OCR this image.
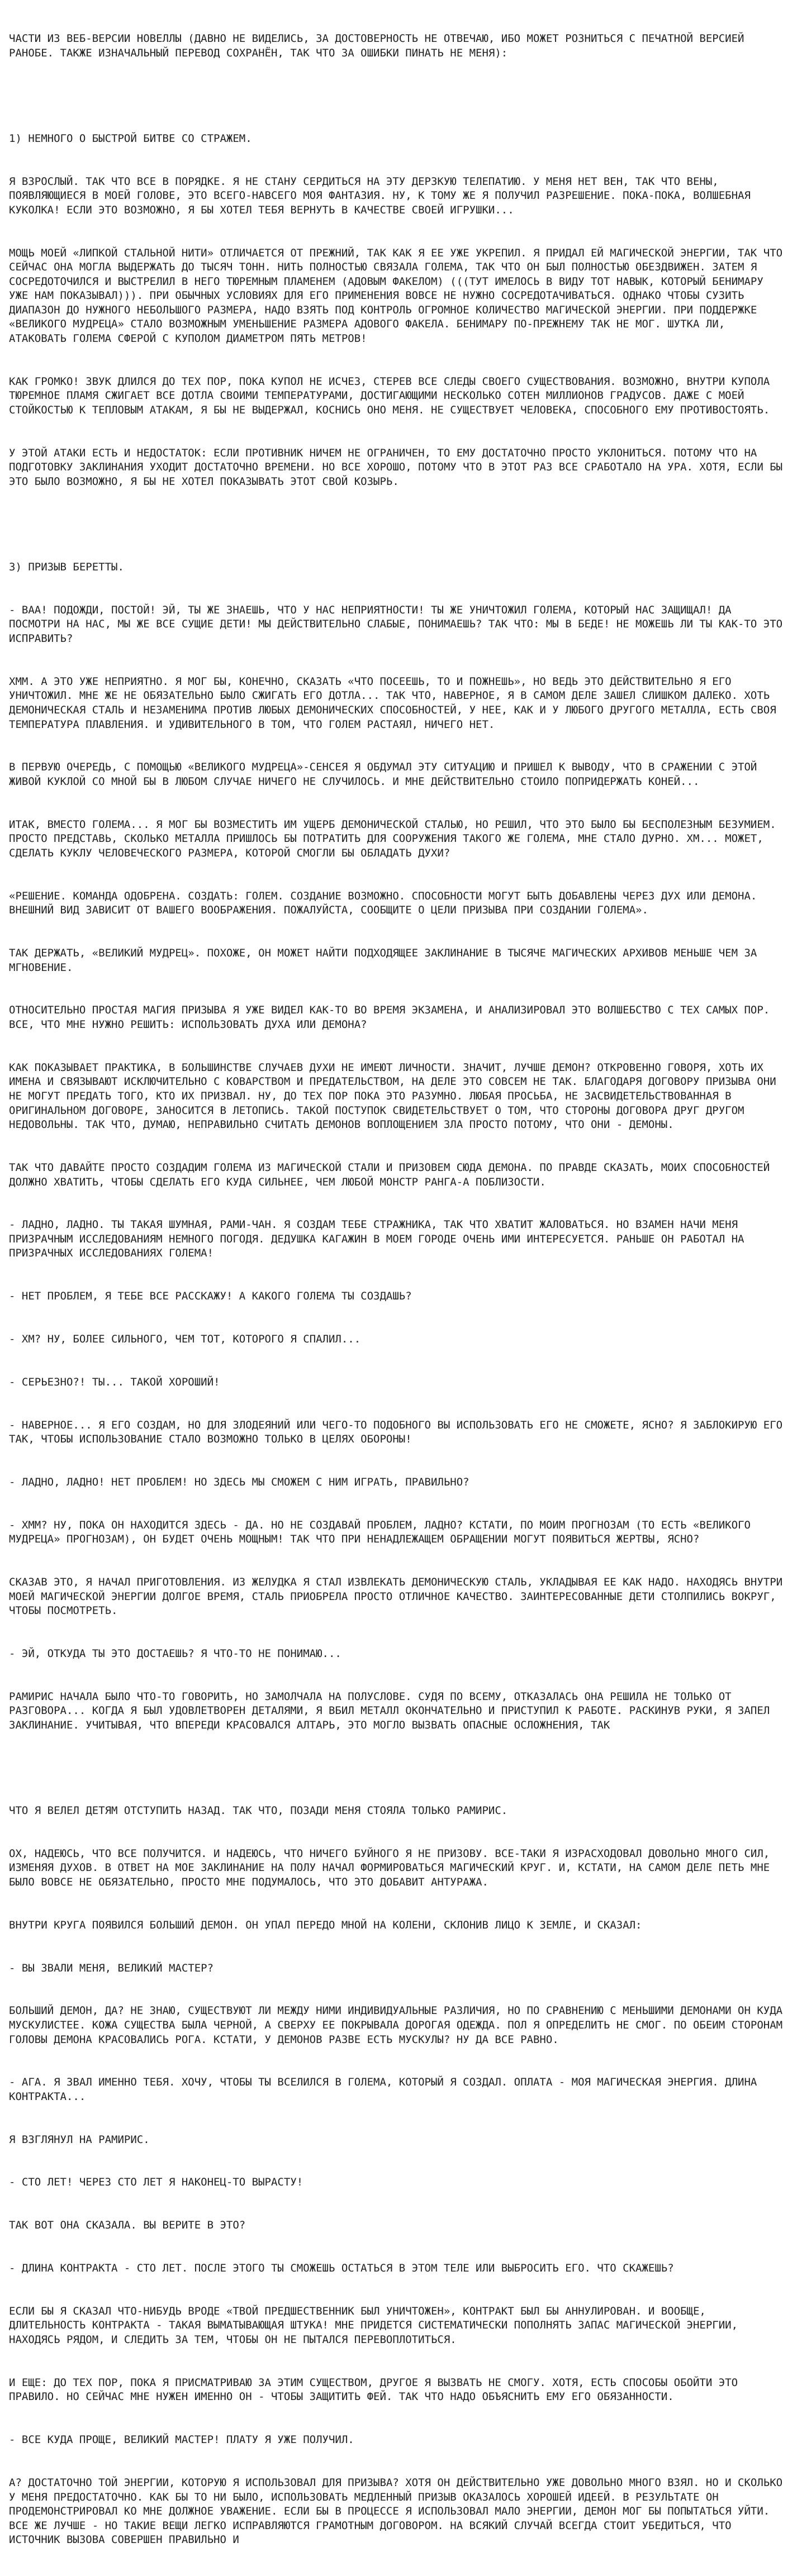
ЧАСТИ ИЗ ВЕБ-ВЕРСИИ НОВЕЛЛЫ (ДАВНО НЕ ВИДЕЛИСЬ, ЗА ДОСТОВЕРНОСТЬ НЕ ОТВЕЧАЮ, ИБО МОЖЕТ РОЗНИТЬСЯ С ПЕЧАТНОЙ ВЕРСИЕЙ РАНОБЕ. ТАКЖЕ ИЗНАЧАЛЬНЫЙ ПЕРЕВОД СОХРАНЁН, ТАК ЧТО ЗА ОШИБКИ ПИНАТЬ НЕ МЕНЯ):

1) НЕМНОГО О БЫСТРОЙ БИТВЕ СО СТРАЖЕМ.

Я ВЗРОСЛЫЙ. ТАК ЧТО ВСЕ В ПОРЯДКЕ. Я НЕ СТАНУ СЕРДИТЬСЯ НА ЭТУ ДЕРЗКУЮ ТЕЛЕПАТИЮ. У МЕНЯ НЕТ ВЕН, ТАК ЧТО ВЕНЫ, ПОЯВЛЯЮЩИЕСЯ В МОЕЙ ГОЛОВЕ, ЭТО ВСЕГО-НАВСЕГО МОЯ ФАНТАЗИЯ. НУ, К ТОМУ ЖЕ Я ПОЛУЧИЛ РАЗРЕШЕНИЕ. ПОКА-ПОКА, ВОЛШЕБНАЯ КУКОЛКА! ЕСЛИ ЭТО ВОЗМОЖНО, Я БЫ ХОТЕЛ ТЕБЯ ВЕРНУТЬ В КАЧЕСТВЕ СВОЕЙ ИГРУШКИ...

МОЩЬ МОЕЙ «ЛИПКОЙ СТАЛЬНОЙ НИТИ» ОТЛИЧАЕТСЯ ОТ ПРЕЖНИЙ, ТАК КАК Я ЕЕ УЖЕ УКРЕПИЛ. Я ПРИДАЛ ЕЙ МАГИЧЕСКОЙ ЭНЕРГИИ, ТАК ЧТО СЕЙЧАС ОНА МОГЛА ВЫДЕРЖАТЬ ДО ТЫСЯЧ ТОНН. НИТЬ ПОЛНОСТЬЮ СВЯЗАЛА ГОЛЕМА, ТАК ЧТО ОН БЫЛ ПОЛНОСТЬЮ ОБЕЗДВИЖЕН. ЗАТЕМ Я СОСРЕДОТОЧИЛСЯ И ВЫСТРЕЛИЛ В НЕГО ТЮРЕМНЫМ ПЛАМЕНЕМ (АДОВЫМ ФАКЕЛОМ) (((ТУТ ИМЕЛОСЬ В ВИДУ ТОТ НАВЫК, КОТОРЫЙ БЕНИМАРУ УЖЕ НАМ ПОКАЗЫВАЛ))). ПРИ ОБЫЧНЫХ УСЛОВИЯХ ДЛЯ ЕГО ПРИМЕНЕНИЯ ВОВСЕ НЕ НУЖНО СОСРЕДОТАЧИВАТЬСЯ. ОДНАКО ЧТОБЫ СУЗИТЬ ДИАПАЗОН ДО НУЖНОГО НЕБОЛЬШОГО РАЗМЕРА, НАДО ВЗЯТЬ ПОД КОНТРОЛЬ ОГРОМНОЕ КОЛИЧЕСТВО МАГИЧЕСКОЙ ЭНЕРГИИ. ПРИ ПОДДЕРЖКЕ «ВЕЛИКОГО МУДРЕЦА» СТАЛО ВОЗМОЖНЫМ УМЕНЬШЕНИЕ РАЗМЕРА АДОВОГО ФАКЕЛА. БЕНИМАРУ ПО-ПРЕЖНЕМУ ТАК НЕ МОГ. ШУТКА ЛИ, АТАКОВАТЬ ГОЛЕМА СФЕРОЙ С КУПОЛОМ ДИАМЕТРОМ ПЯТЬ МЕТРОВ!

КАК ГРОМКО! ЗВУК ДЛИЛСЯ ДО ТЕХ ПОР, ПОКА КУПОЛ НЕ ИСЧЕЗ, СТЕРЕВ ВСЕ СЛЕДЫ СВОЕГО СУЩЕСТВОВАНИЯ. ВОЗМОЖНО, ВНУТРИ КУПОЛА ТЮРЕМНОЕ ПЛАМЯ СЖИГАЕТ ВСЕ ДОТЛА СВОИМИ ТЕМПЕРАТУРАМИ, ДОСТИГАЮЩИМИ НЕСКОЛЬКО СОТЕН МИЛЛИОНОВ ГРАДУСОВ. ДАЖЕ С МОЕЙ СТОЙКОСТЬЮ К ТЕПЛОВЫМ АТАКАМ, Я БЫ НЕ ВЫДЕРЖАЛ, КОСНИСЬ ОНО МЕНЯ. НЕ СУЩЕСТВУЕТ ЧЕЛОВЕКА, СПОСОБНОГО ЕМУ ПРОТИВОСТОЯТЬ.

У ЭТОЙ АТАКИ ЕСТЬ И НЕДОСТАТОК: ЕСЛИ ПРОТИВНИК НИЧЕМ НЕ ОГРАНИЧЕН, ТО ЕМУ ДОСТАТОЧНО ПРОСТО УКЛОНИТЬСЯ. ПОТОМУ ЧТО НА ПОДГОТОВКУ ЗАКЛИНАНИЯ УХОДИТ ДОСТАТОЧНО ВРЕМЕНИ. НО ВСЕ ХОРОШО, ПОТОМУ ЧТО В ЭТОТ РАЗ ВСЕ СРАБОТАЛО НА УРА. ХОТЯ, ЕСЛИ БЫ ЭТО БЫЛО ВОЗМОЖНО, Я БЫ НЕ ХОТЕЛ ПОКАЗЫВАТЬ ЭТОТ СВОЙ КОЗЫРЬ.

3) ПРИЗЫВ БЕРЕТТЫ.

- ВАА! ПОДОЖДИ, ПОСТОЙ! ЭЙ, ТЫ ЖЕ ЗНАЕШЬ, ЧТО У НАС НЕПРИЯТНОСТИ! ТЫ ЖЕ УНИЧТОЖИЛ ГОЛЕМА, КОТОРЫЙ НАС ЗАЩИЩАЛ! ДА ПОСМОТРИ НА НАС, МЫ ЖЕ ВСЕ СУЩИЕ ДЕТИ! МЫ ДЕЙСТВИТЕЛЬНО СЛАБЫЕ, ПОНИМАЕШЬ? ТАК ЧТО: МЫ В БЕДЕ! НЕ МОЖЕШЬ ЛИ ТЫ КАК-ТО ЭТО ИСПРАВИТЬ?

ХММ. А ЭТО УЖЕ НЕПРИЯТНО. Я МОГ БЫ, КОНЕЧНО, СКАЗАТЬ «ЧТО ПОСЕЕШЬ, ТО И ПОЖНЕШЬ», НО ВЕДЬ ЭТО ДЕЙСТВИТЕЛЬНО Я ЕГО УНИЧТОЖИЛ. МНЕ ЖЕ НЕ ОБЯЗАТЕЛЬНО БЫЛО СЖИГАТЬ ЕГО ДОТЛА... ТАК ЧТО, НАВЕРНОЕ, Я В САМОМ ДЕЛЕ ЗАШЕЛ СЛИШКОМ ДАЛЕКО. ХОТЬ ДЕМОНИЧЕСКАЯ СТАЛЬ И НЕЗАМЕНИМА ПРОТИВ ЛЮБЫХ ДЕМОНИЧЕСКИХ СПОСОБНОСТЕЙ, У НЕЕ, КАК И У ЛЮБОГО ДРУГОГО МЕТАЛЛА, ЕСТЬ СВОЯ ТЕМПЕРАТУРА ПЛАВЛЕНИЯ. И УДИВИТЕЛЬНОГО В ТОМ, ЧТО ГОЛЕМ РАСТАЯЛ, НИЧЕГО НЕТ.

В ПЕРВУЮ ОЧЕРЕДЬ, С ПОМОЩЬЮ «ВЕЛИКОГО МУДРЕЦА»-СЕНСЕЯ Я ОБДУМАЛ ЭТУ СИТУАЦИЮ И ПРИШЕЛ К ВЫВОДУ, ЧТО В СРАЖЕНИИ С ЭТОЙ ЖИВОЙ КУКЛОЙ СО МНОЙ БЫ В ЛЮБОМ СЛУЧАЕ НИЧЕГО НЕ СЛУЧИЛОСЬ. И МНЕ ДЕЙСТВИТЕЛЬНО СТОИЛО ПОПРИДЕРЖАТЬ КОНЕЙ...

ИТАК, ВМЕСТО ГОЛЕМА... Я МОГ БЫ ВОЗМЕСТИТЬ ИМ УЩЕРБ ДЕМОНИЧЕСКОЙ СТАЛЬЮ, НО РЕШИЛ, ЧТО ЭТО БЫЛО БЫ БЕСПОЛЕЗНЫМ БЕЗУМИЕМ. ПРОСТО ПРЕДСТАВЬ, СКОЛЬКО МЕТАЛЛА ПРИШЛОСЬ БЫ ПОТРАТИТЬ ДЛЯ СООРУЖЕНИЯ ТАКОГО ЖЕ ГОЛЕМА, МНЕ СТАЛО ДУРНО. ХМ... МОЖЕТ, СДЕЛАТЬ КУКЛУ ЧЕЛОВЕЧЕСКОГО РАЗМЕРА, КОТОРОЙ СМОГЛИ БЫ ОБЛАДАТЬ ДУХИ?

«РЕШЕНИЕ. КОМАНДА ОДОБРЕНА. СОЗДАТЬ: ГОЛЕМ. СОЗДАНИЕ ВОЗМОЖНО. СПОСОБНОСТИ МОГУТ БЫТЬ ДОБАВЛЕНЫ ЧЕРЕЗ ДУХ ИЛИ ДЕМОНА. ВНЕШНИЙ ВИД ЗАВИСИТ ОТ ВАШЕГО ВООБРАЖЕНИЯ. ПОЖАЛУЙСТА, СООБЩИТЕ О ЦЕЛИ ПРИЗЫВА ПРИ СОЗДАНИИ ГОЛЕМА».

ТАК ДЕРЖАТЬ, «ВЕЛИКИЙ МУДРЕЦ». ПОХОЖЕ, ОН МОЖЕТ НАЙТИ ПОДХОДЯЩЕЕ ЗАКЛИНАНИЕ В ТЫСЯЧЕ МАГИЧЕСКИХ АРХИВОВ МЕНЬШЕ ЧЕМ ЗА МГНОВЕНИЕ.

ОТНОСИТЕЛЬНО ПРОСТАЯ МАГИЯ ПРИЗЫВА Я УЖЕ ВИДЕЛ КАК-ТО ВО ВРЕМЯ ЭКЗАМЕНА, И АНАЛИЗИРОВАЛ ЭТО ВОЛШЕБСТВО С ТЕХ САМЫХ ПОР. ВСЕ, ЧТО МНЕ НУЖНО РЕШИТЬ: ИСПОЛЬЗОВАТЬ ДУХА ИЛИ ДЕМОНА?

КАК ПОКАЗЫВАЕТ ПРАКТИКА, В БОЛЬШИНСТВЕ СЛУЧАЕВ ДУХИ НЕ ИМЕЮТ ЛИЧНОСТИ. ЗНАЧИТ, ЛУЧШЕ ДЕМОН? ОТКРОВЕННО ГОВОРЯ, ХОТЬ ИХ ИМЕНА И СВЯЗЫВАЮТ ИСКЛЮЧИТЕЛЬНО С КОВАРСТВОМ И ПРЕДАТЕЛЬСТВОМ, НА ДЕЛЕ ЭТО СОВСЕМ НЕ ТАК. БЛАГОДАРЯ ДОГОВОРУ ПРИЗЫВА ОНИ НЕ МОГУТ ПРЕДАТЬ ТОГО, КТО ИХ ПРИЗВАЛ. НУ, ДО ТЕХ ПОР ПОКА ЭТО РАЗУМНО. ЛЮБАЯ ПРОСЬБА, НЕ ЗАСВИДЕТЕЛЬСТВОВАННАЯ В ОРИГИНАЛЬНОМ ДОГОВОРЕ, ЗАНОСИТСЯ В ЛЕТОПИСЬ. ТАКОЙ ПОСТУПОК СВИДЕТЕЛЬСТВУЕТ О ТОМ, ЧТО СТОРОНЫ ДОГОВОРА ДРУГ ДРУГОМ НЕДОВОЛЬНЫ. ТАК ЧТО, ДУМАЮ, НЕПРАВИЛЬНО СЧИТАТЬ ДЕМОНОВ ВОПЛОЩЕНИЕМ ЗЛА ПРОСТО ПОТОМУ, ЧТО ОНИ - ДЕМОНЫ.

ТАК ЧТО ДАВАЙТЕ ПРОСТО СОЗДАДИМ ГОЛЕМА ИЗ МАГИЧЕСКОЙ СТАЛИ И ПРИЗОВЕМ СЮДА ДЕМОНА. ПО ПРАВДЕ СКАЗАТЬ, МОИХ СПОСОБНОСТЕЙ ДОЛЖНО ХВАТИТЬ, ЧТОБЫ СДЕЛАТЬ ЕГО КУДА СИЛЬНЕЕ, ЧЕМ ЛЮБОЙ МОНСТР РАНГА-А ПОБЛИЗОСТИ.

- ЛАДНО, ЛАДНО. ТЫ ТАКАЯ ШУМНАЯ, РАМИ-ЧАН. Я СОЗДАМ ТЕБЕ СТРАЖНИКА, ТАК ЧТО ХВАТИТ ЖАЛОВАТЬСЯ. НО ВЗАМЕН НАЧИ МЕНЯ ПРИЗРАЧНЫМ ИССЛЕДОВАНИЯМ НЕМНОГО ПОГОДЯ. ДЕДУШКА КАГАЖИН В МОЕМ ГОРОДЕ ОЧЕНЬ ИМИ ИНТЕРЕСУЕТСЯ. РАНЬШЕ ОН РАБОТАЛ НА ПРИЗРАЧНЫХ ИССЛЕДОВАНИЯХ ГОЛЕМА!

- НЕТ ПРОБЛЕМ, Я ТЕБЕ ВСЕ РАССКАЖУ! А КАКОГО ГОЛЕМА ТЫ СОЗДАШЬ?

- ХМ? НУ, БОЛЕЕ СИЛЬНОГО, ЧЕМ ТОТ, КОТОРОГО Я СПАЛИЛ...

- СЕРЬЕЗНО?! ТЫ... ТАКОЙ ХОРОШИЙ!

- НАВЕРНОЕ... Я ЕГО СОЗДАМ, НО ДЛЯ ЗЛОДЕЯНИЙ ИЛИ ЧЕГО-ТО ПОДОБНОГО ВЫ ИСПОЛЬЗОВАТЬ ЕГО НЕ СМОЖЕТЕ, ЯСНО? Я ЗАБЛОКИРУЮ ЕГО ТАК, ЧТОБЫ ИСПОЛЬЗОВАНИЕ СТАЛО ВОЗМОЖНО ТОЛЬКО В ЦЕЛЯХ ОБОРОНЫ!

- ЛАДНО, ЛАДНО! НЕТ ПРОБЛЕМ! НО ЗДЕСЬ МЫ СМОЖЕМ С НИМ ИГРАТЬ, ПРАВИЛЬНО?

- ХММ? НУ, ПОКА ОН НАХОДИТСЯ ЗДЕСЬ - ДА. НО НЕ СОЗДАВАЙ ПРОБЛЕМ, ЛАДНО? КСТАТИ, ПО МОИМ ПРОГНОЗАМ (ТО ЕСТЬ «ВЕЛИКОГО МУДРЕЦА» ПРОГНОЗАМ), ОН БУДЕТ ОЧЕНЬ МОЩНЫМ! ТАК ЧТО ПРИ НЕНАДЛЕЖАЩЕМ ОБРАЩЕНИИ МОГУТ ПОЯВИТЬСЯ ЖЕРТВЫ, ЯСНО?

СКАЗАВ ЭТО, Я НАЧАЛ ПРИГОТОВЛЕНИЯ. ИЗ ЖЕЛУДКА Я СТАЛ ИЗВЛЕКАТЬ ДЕМОНИЧЕСКУЮ СТАЛЬ, УКЛАДЫВАЯ ЕЕ КАК НАДО. НАХОДЯСЬ ВНУТРИ МОЕЙ МАГИЧЕСКОЙ ЭНЕРГИИ ДОЛГОЕ ВРЕМЯ, СТАЛЬ ПРИОБРЕЛА ПРОСТО ОТЛИЧНОЕ КАЧЕСТВО. ЗАИНТЕРЕСОВАННЫЕ ДЕТИ СТОЛПИЛИСЬ ВОКРУГ, ЧТОБЫ ПОСМОТРЕТЬ.

- ЭЙ, ОТКУДА ТЫ ЭТО ДОСТАЕШЬ? Я ЧТО-ТО НЕ ПОНИМАЮ...

РАМИРИС НАЧАЛА БЫЛО ЧТО-ТО ГОВОРИТЬ, НО ЗАМОЛЧАЛА НА ПОЛУСЛОВЕ. СУДЯ ПО ВСЕМУ, ОТКАЗАЛАСЬ ОНА РЕШИЛА НЕ ТОЛЬКО ОТ РАЗГОВОРА... КОГДА Я БЫЛ УДОВЛЕТВОРЕН ДЕТАЛЯМИ, Я ВБИЛ МЕТАЛЛ ОКОНЧАТЕЛЬНО И ПРИСТУПИЛ К РАБОТЕ. РАСКИНУВ РУКИ, Я ЗАПЕЛ ЗАКЛИНАНИЕ. УЧИТЫВАЯ, ЧТО ВПЕРЕДИ КРАСОВАЛСЯ АЛТАРЬ, ЭТО МОГЛО ВЫЗВАТЬ ОПАСНЫЕ ОСЛОЖНЕНИЯ, ТАК

ЧТО Я ВЕЛЕЛ ДЕТЯМ ОТСТУПИТЬ НАЗАД. ТАК ЧТО, ПОЗАДИ МЕНЯ СТОЯЛА ТОЛЬКО РАМИРИС.

ОХ, НАДЕЮСЬ, ЧТО ВСЕ ПОЛУЧИТСЯ. И НАДЕЮСЬ, ЧТО НИЧЕГО БУЙНОГО Я НЕ ПРИЗОВУ. ВСЕ-ТАКИ Я ИЗРАСХОДОВАЛ ДОВОЛЬНО МНОГО СИЛ, ИЗМЕНЯЯ ДУХОВ. В ОТВЕТ НА МОЕ ЗАКЛИНАНИЕ НА ПОЛУ НАЧАЛ ФОРМИРОВАТЬСЯ МАГИЧЕСКИЙ КРУГ. И, КСТАТИ, НА САМОМ ДЕЛЕ ПЕТЬ МНЕ БЫЛО ВОВСЕ НЕ ОБЯЗАТЕЛЬНО, ПРОСТО МНЕ ПОДУМАЛОСЬ, ЧТО ЭТО ДОБАВИТ АНТУРАЖА.

ВНУТРИ КРУГА ПОЯВИЛСЯ БОЛЬШИЙ ДЕМОН. ОН УПАЛ ПЕРЕДО МНОЙ НА КОЛЕНИ, СКЛОНИВ ЛИЦО К ЗЕМЛЕ, И СКАЗАЛ:

- ВЫ ЗВАЛИ МЕНЯ, ВЕЛИКИЙ МАСТЕР?

БОЛЬШИЙ ДЕМОН, ДА? НЕ ЗНАЮ, СУЩЕСТВУЮТ ЛИ МЕЖДУ НИМИ ИНДИВИДУАЛЬНЫЕ РАЗЛИЧИЯ, НО ПО СРАВНЕНИЮ С МЕНЬШИМИ ДЕМОНАМИ ОН КУДА МУСКУЛИСТЕЕ. КОЖА СУЩЕСТВА БЫЛА ЧЕРНОЙ, А СВЕРХУ ЕЕ ПОКРЫВАЛА ДОРОГАЯ ОДЕЖДА. ПОЛ Я ОПРЕДЕЛИТЬ НЕ СМОГ. ПО ОБЕИМ СТОРОНАМ ГОЛОВЫ ДЕМОНА КРАСОВАЛИСЬ РОГА. КСТАТИ, У ДЕМОНОВ РАЗВЕ ЕСТЬ МУСКУЛЫ? НУ ДА ВСЕ РАВНО.

- АГА. Я ЗВАЛ ИМЕННО ТЕБЯ. ХОЧУ, ЧТОБЫ ТЫ ВСЕЛИЛСЯ В ГОЛЕМА, КОТОРЫЙ Я СОЗДАЛ. ОПЛАТА - МОЯ МАГИЧЕСКАЯ ЭНЕРГИЯ. ДЛИНА КОНТРАКТА...

Я ВЗГЛЯНУЛ НА РАМИРИС.

- СТО ЛЕТ! ЧЕРЕЗ СТО ЛЕТ Я НАКОНЕЦ-ТО ВЫРАСТУ!

ТАК ВОТ ОНА СКАЗАЛА. ВЫ ВЕРИТЕ В ЭТО?

- ДЛИНА КОНТРАКТА - СТО ЛЕТ. ПОСЛЕ ЭТОГО ТЫ СМОЖЕШЬ ОСТАТЬСЯ В ЭТОМ ТЕЛЕ ИЛИ ВЫБРОСИТЬ ЕГО. ЧТО СКАЖЕШЬ?

ЕСЛИ БЫ Я СКАЗАЛ ЧТО-НИБУДЬ ВРОДЕ «ТВОЙ ПРЕДШЕСТВЕННИК БЫЛ УНИЧТОЖЕН», КОНТРАКТ БЫЛ БЫ АННУЛИРОВАН. И ВООБЩЕ, ДЛИТЕЛЬНОСТЬ КОНТРАКТА - ТАКАЯ ВЫМАТЫВАЮЩАЯ ШТУКА! МНЕ ПРИДЕТСЯ СИСТЕМАТИЧЕСКИ ПОПОЛНЯТЬ ЗАПАС МАГИЧЕСКОЙ ЭНЕРГИИ, НАХОДЯСЬ РЯДОМ, И СЛЕДИТЬ ЗА ТЕМ, ЧТОБЫ ОН НЕ ПЫТАЛСЯ ПЕРЕВОПЛОТИТЬСЯ.

И ЕЩЕ: ДО ТЕХ ПОР, ПОКА Я ПРИСМАТРИВАЮ ЗА ЭТИМ СУЩЕСТВОМ, ДРУГОЕ Я ВЫЗВАТЬ НЕ СМОГУ. ХОТЯ, ЕСТЬ СПОСОБЫ ОБОЙТИ ЭТО ПРАВИЛО. НО СЕЙЧАС МНЕ НУЖЕН ИМЕННО ОН - ЧТОБЫ ЗАЩИТИТЬ ФЕЙ. ТАК ЧТО НАДО ОБЪЯСНИТЬ ЕМУ ЕГО ОБЯЗАННОСТИ.

- ВСЕ КУДА ПРОЩЕ, ВЕЛИКИЙ МАСТЕР! ПЛАТУ Я УЖЕ ПОЛУЧИЛ.

А? ДОСТАТОЧНО ТОЙ ЭНЕРГИИ, КОТОРУЮ Я ИСПОЛЬЗОВАЛ ДЛЯ ПРИЗЫВА? ХОТЯ ОН ДЕЙСТВИТЕЛЬНО УЖЕ ДОВОЛЬНО МНОГО ВЗЯЛ. НО И СКОЛЬКО У МЕНЯ ПРЕДОСТАТОЧНО. КАК БЫ ТО НИ БЫЛО, ИСПОЛЬЗОВАТЬ МЕДЛЕННЫЙ ПРИЗЫВ ОКАЗАЛОСЬ ХОРОШЕЙ ИДЕЕЙ. В РЕЗУЛЬТАТЕ ОН ПРОДЕМОНСТРИРОВАЛ КО МНЕ ДОЛЖНОЕ УВАЖЕНИЕ. ЕСЛИ БЫ В ПРОЦЕССЕ Я ИСПОЛЬЗОВАЛ МАЛО ЭНЕРГИИ, ДЕМОН МОГ БЫ ПОПЫТАТЬСЯ УЙТИ. ВСЕ ЖЕ ЛУЧШЕ - НО ТАКИЕ ВЕЩИ ЛЕГКО ИСПРАВЛЯЮТСЯ ГРАМОТНЫМ ДОГОВОРОМ. НА ВСЯКИЙ СЛУЧАЙ ВСЕГДА СТОИТ УБЕДИТЬСЯ, ЧТО ИСТОЧНИК ВЫЗОВА СОВЕРШЕН ПРАВИЛЬНО И
